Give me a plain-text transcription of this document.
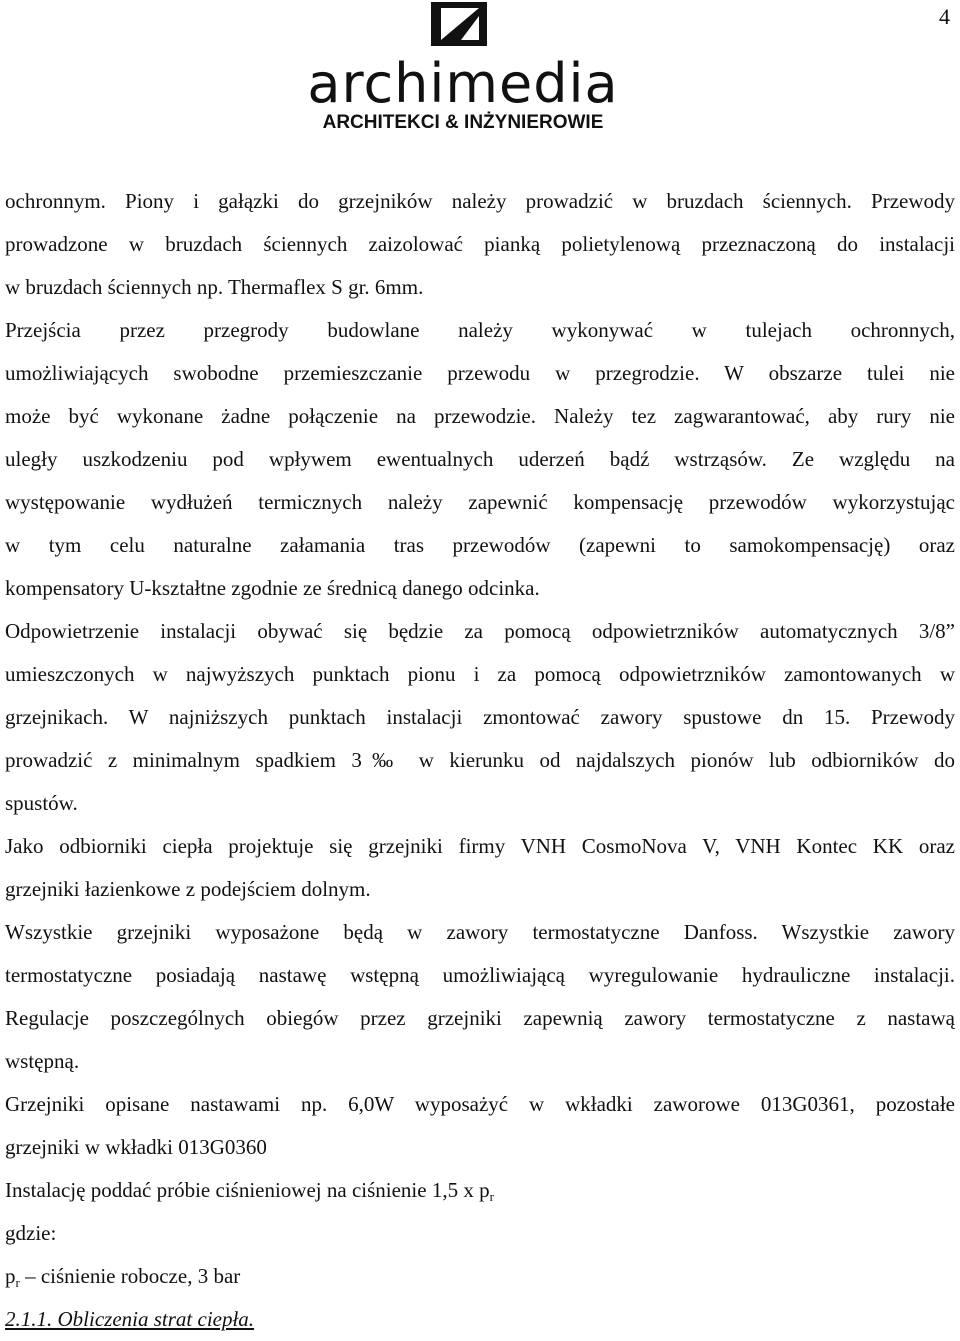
4
archimedia
ARCHITEKCI & INŻYNIEROWIE

ochronnym. Piony i gałązki do grzejników należy prowadzić w bruzdach ściennych. Przewody

prowadzone w bruzdach ściennych zaizolować pianką polietylenową przeznaczoną do instalacji

w bruzdach ściennych np. Thermaflex S gr. 6mm.

Przejścia przez przegrody budowlane należy wykonywać w tulejach ochronnych,

umożliwiających swobodne przemieszczanie przewodu w przegrodzie. W obszarze tulei nie

może być wykonane żadne połączenie na przewodzie. Należy tez zagwarantować, aby rury nie

uległy uszkodzeniu pod wpływem ewentualnych uderzeń bądź wstrząsów. Ze względu na

występowanie wydłużeń termicznych należy zapewnić kompensację przewodów wykorzystując

w tym celu naturalne załamania tras przewodów (zapewni to samokompensację) oraz

kompensatory U-kształtne zgodnie ze średnicą danego odcinka.

Odpowietrzenie instalacji obywać się będzie za pomocą odpowietrzników automatycznych 3/8”

umieszczonych w najwyższych punktach pionu i za pomocą odpowietrzników zamontowanych w

grzejnikach. W najniższych punktach instalacji zmontować zawory spustowe dn 15. Przewody

prowadzić z minimalnym spadkiem 3‰ w kierunku od najdalszych pionów lub odbiorników do

spustów.

Jako odbiorniki ciepła projektuje się grzejniki firmy VNH CosmoNova V, VNH Kontec KK oraz

grzejniki łazienkowe z podejściem dolnym.

Wszystkie grzejniki wyposażone będą w zawory termostatyczne Danfoss. Wszystkie zawory

termostatyczne posiadają nastawę wstępną umożliwiającą wyregulowanie hydrauliczne instalacji.

Regulacje poszczególnych obiegów przez grzejniki zapewnią zawory termostatyczne z nastawą

wstępną.

Grzejniki opisane nastawami np. 6,0W wyposażyć w wkładki zaworowe 013G0361, pozostałe

grzejniki w wkładki 013G0360

Instalację poddać próbie ciśnieniowej na ciśnienie 1,5 x $p_r$

gdzie:

$p_r$ – ciśnienie robocze, 3 bar

2.1.1. Obliczenia strat ciepła.
